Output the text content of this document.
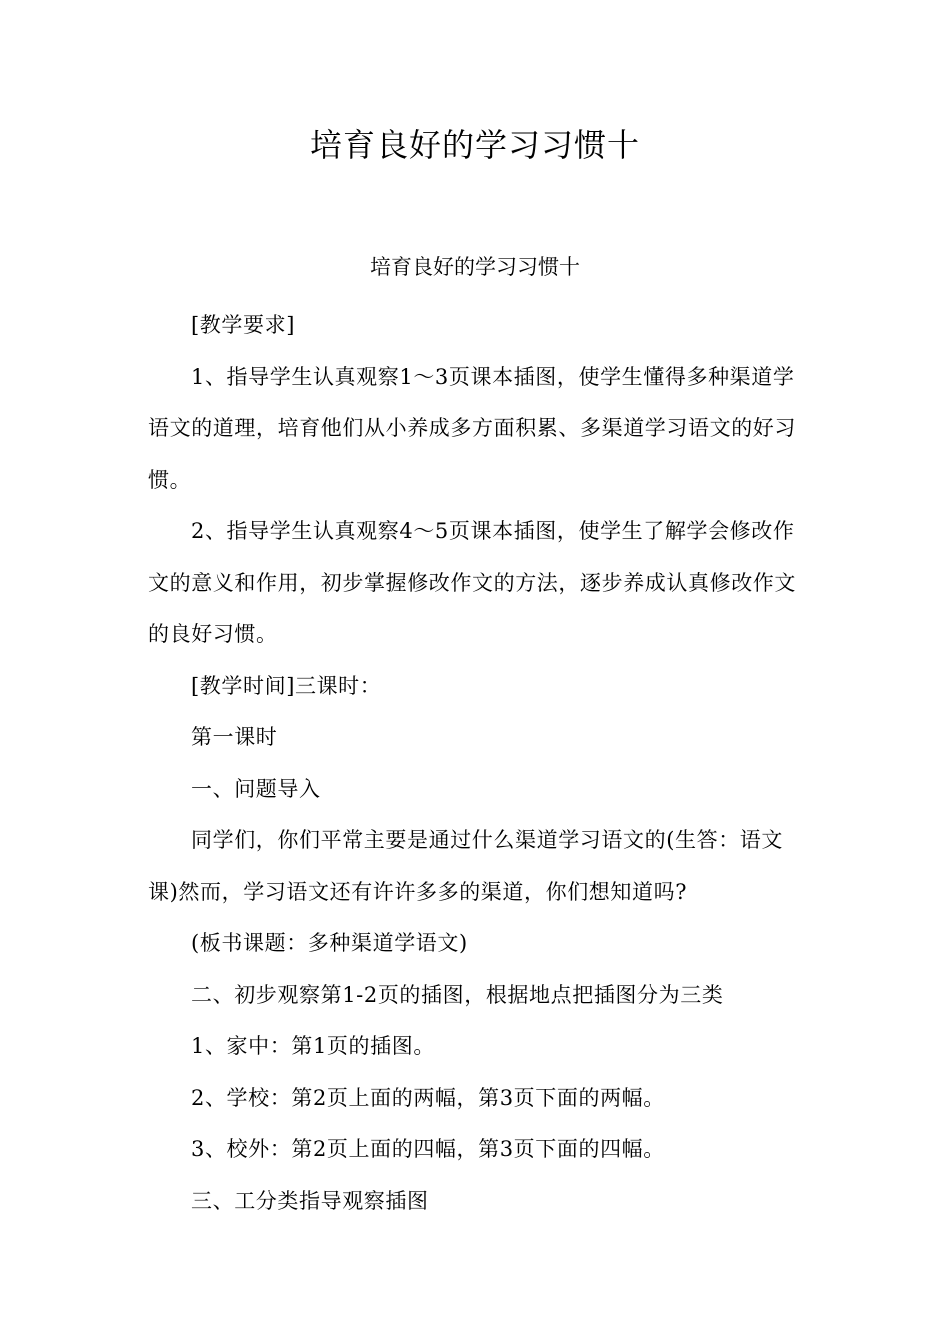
培育良好的学习习惯十
培育良好的学习习惯十

[教学要求]

1、指导学生认真观察1～3页课本插图，使学生懂得多种渠道学语文的道理，培育他们从小养成多方面积累、多渠道学习语文的好习惯。

2、指导学生认真观察4～5页课本插图，使学生了解学会修改作文的意义和作用，初步掌握修改作文的方法，逐步养成认真修改作文的良好习惯。

[教学时间]三课时：

第一课时

一、问题导入

同学们，你们平常主要是通过什么渠道学习语文的(生答：语文课)然而，学习语文还有许许多多的渠道，你们想知道吗?

(板书课题：多种渠道学语文)

二、初步观察第1-2页的插图，根据地点把插图分为三类

1、家中：第1页的插图。

2、学校：第2页上面的两幅，第3页下面的两幅。

3、校外：第2页上面的四幅，第3页下面的四幅。

三、工分类指导观察插图
